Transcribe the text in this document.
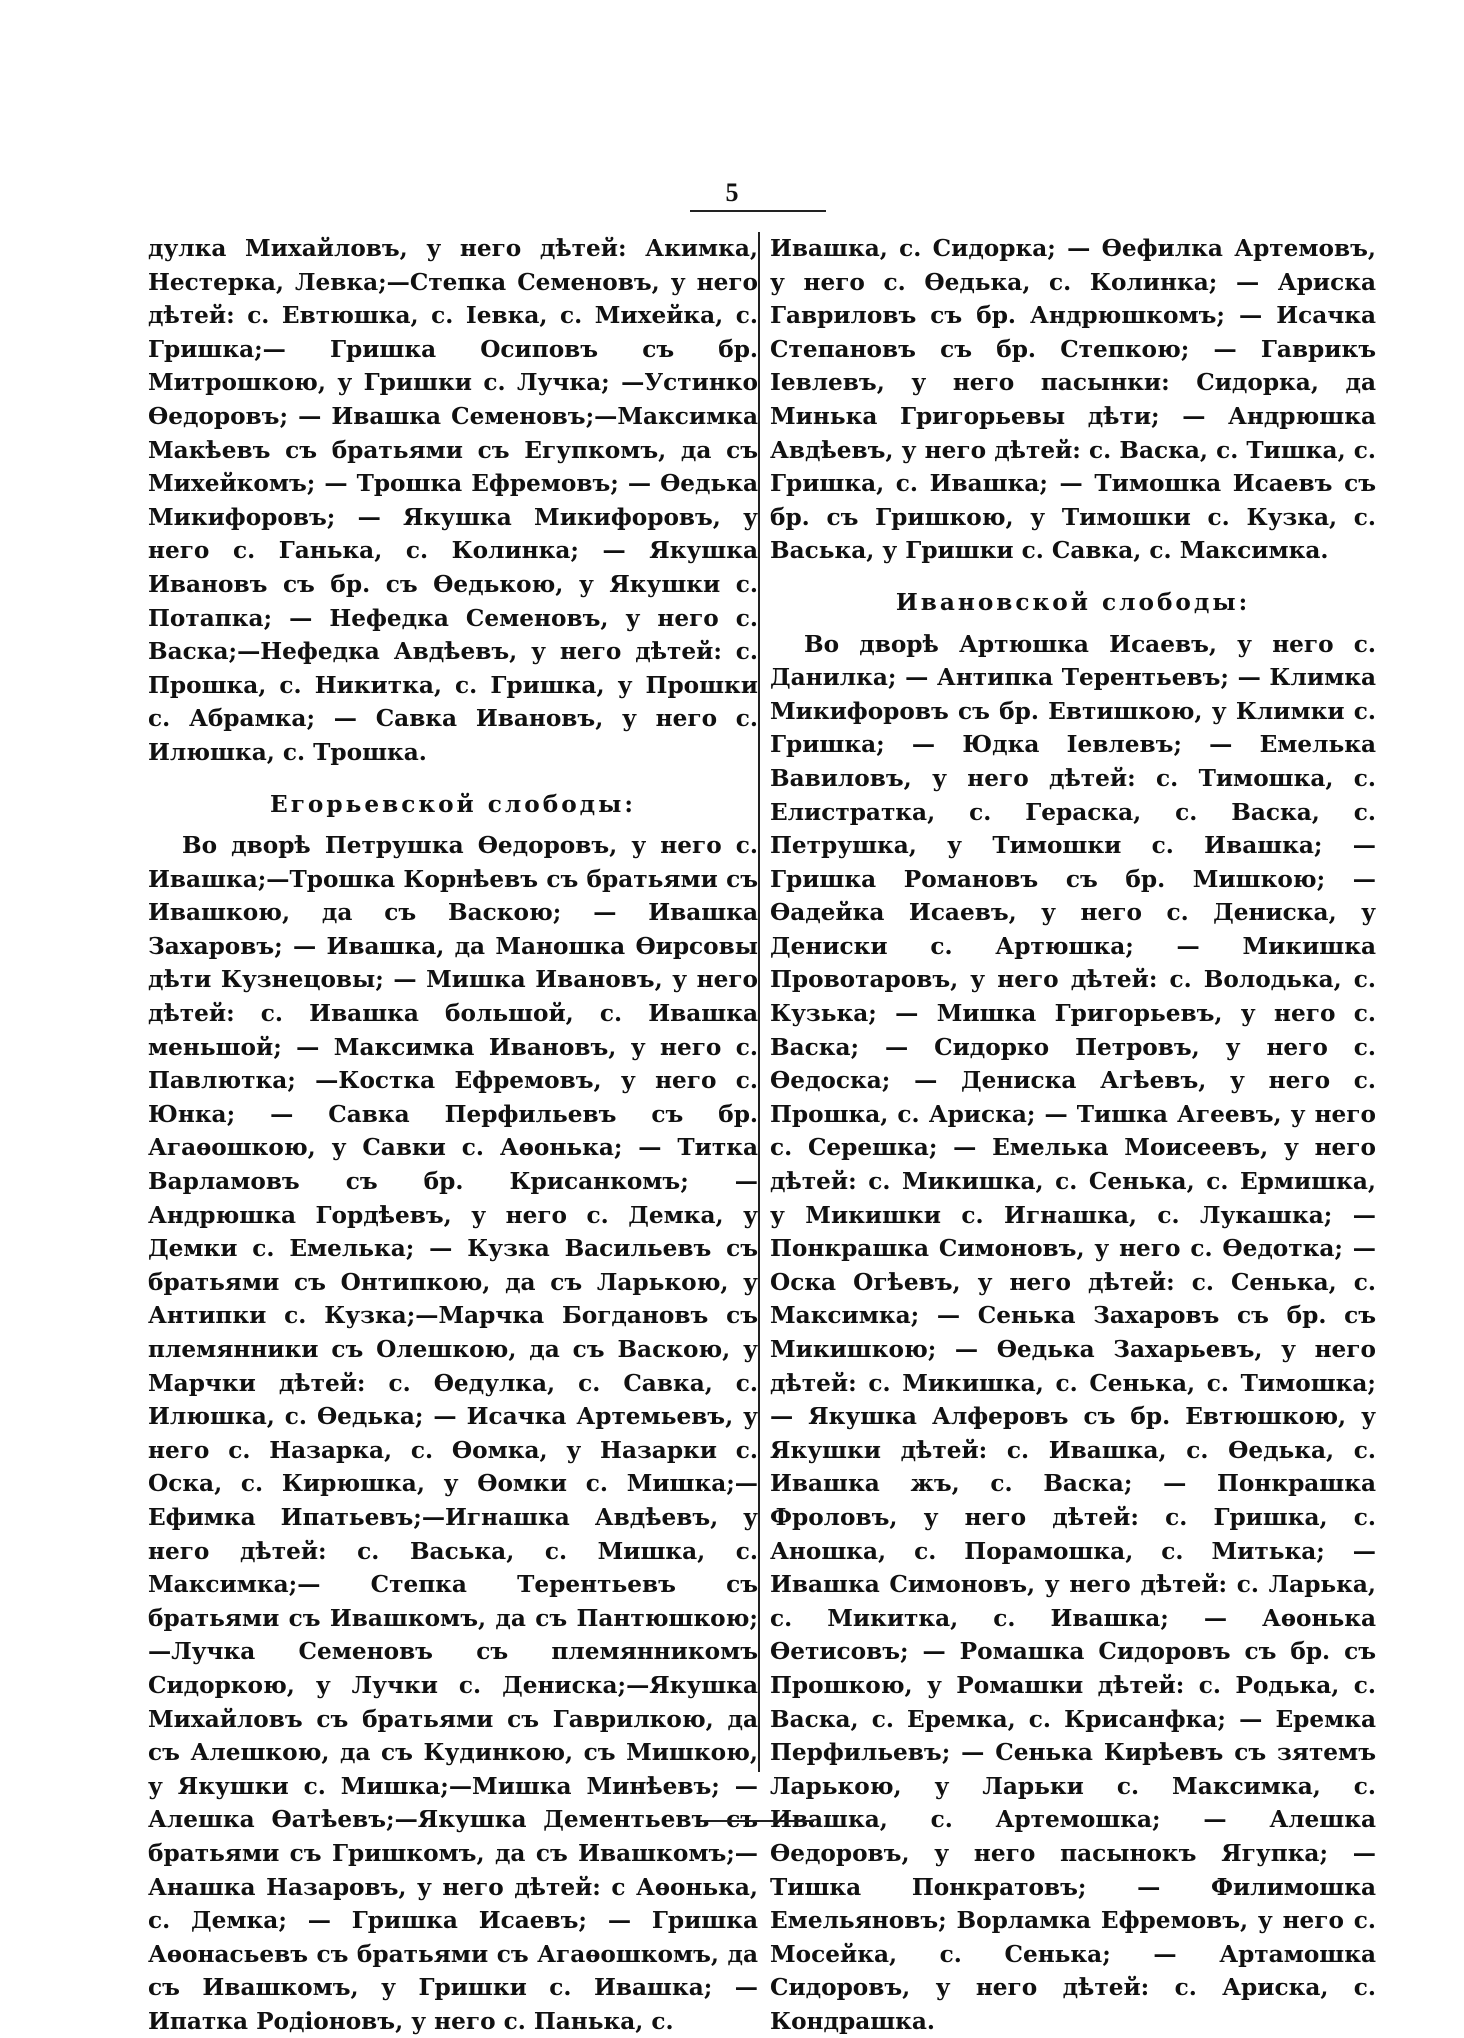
5

дулка Михайловъ, у него дѣтей: Акимка, Нестерка, Левка;—Степка Семеновъ, у него дѣтей: с. Евтюшка, с. Іевка, с. Михейка, с. Гришка;— Гришка Осиповъ съ бр. Митрошкою, у Гришки с. Лучка; —Устинко Ѳедоровъ; — Ивашка Семеновъ;—Максимка Макѣевъ съ братьями съ Егупкомъ, да съ Михейкомъ; — Трошка Ефремовъ; — Ѳедька Микифоровъ; — Якушка Микифоровъ, у него с. Ганька, с. Колинка; — Якушка Ивановъ съ бр. съ Ѳедькою, у Якушки с. Потапка; — Нефедка Семеновъ, у него с. Васка;—Нефедка Авдѣевъ, у него дѣтей: с. Прошка, с. Никитка, с. Гришка, у Прошки с. Абрамка; — Савка Ивановъ, у него с. Илюшка, с. Трошка.

Егорьевской слободы:

Во дворѣ Петрушка Ѳедоровъ, у него с. Ивашка;—Трошка Корнѣевъ съ братьями съ Ивашкою, да съ Васкою; — Ивашка Захаровъ; — Ивашка, да Маношка Ѳирсовы дѣти Кузнецовы; — Мишка Ивановъ, у него дѣтей: с. Ивашка большой, с. Ивашка меньшой; — Максимка Ивановъ, у него с. Павлютка; —Костка Ефремовъ, у него с. Юнка; — Савка Перфильевъ съ бр. Агаѳошкою, у Савки с. Аѳонька; — Титка Варламовъ съ бр. Крисанкомъ; — Андрюшка Гордѣевъ, у него с. Демка, у Демки с. Емелька; — Кузка Васильевъ съ братьями съ Онтипкою, да съ Ларькою, у Антипки с. Кузка;—Марчка Богдановъ съ племянники съ Олешкою, да съ Васкою, у Марчки дѣтей: с. Ѳедулка, с. Савка, с. Илюшка, с. Ѳедька; — Исачка Артемьевъ, у него с. Назарка, с. Ѳомка, у Назарки с. Оска, с. Кирюшка, у Ѳомки с. Мишка;—Ефимка Ипатьевъ;—Игнашка Авдѣевъ, у него дѣтей: с. Васька, с. Мишка, с. Максимка;— Степка Терентьевъ съ братьями съ Ивашкомъ, да съ Пантюшкою;—Лучка Семеновъ съ племянникомъ Сидоркою, у Лучки с. Дениска;—Якушка Михайловъ съ братьями съ Гаврилкою, да съ Алешкою, да съ Кудинкою, съ Мишкою, у Якушки с. Мишка;—Мишка Минѣевъ; — Алешка Ѳатѣевъ;—Якушка Дементьевъ съ братьями съ Гришкомъ, да съ Ивашкомъ;—Анашка Назаровъ, у него дѣтей: с Аѳонька, с. Демка; — Гришка Исаевъ; — Гришка Аѳонасьевъ съ братьями съ Агаѳошкомъ, да съ Ивашкомъ, у Гришки с. Ивашка; — Ипатка Родіоновъ, у него с. Панька, с.

Ивашка, с. Сидорка; — Ѳефилка Артемовъ, у него с. Ѳедька, с. Колинка; — Ариска Гавриловъ съ бр. Андрюшкомъ; — Исачка Степановъ съ бр. Степкою; — Гаврикъ Іевлевъ, у него пасынки: Сидорка, да Минька Григорьевы дѣти; — Андрюшка Авдѣевъ, у него дѣтей: с. Васка, с. Тишка, с. Гришка, с. Ивашка; — Тимошка Исаевъ съ бр. съ Гришкою, у Тимошки с. Кузка, с. Васька, у Гришки с. Савка, с. Максимка.

Ивановской слободы:

Во дворѣ Артюшка Исаевъ, у него с. Данилка; — Антипка Терентьевъ; — Климка Микифоровъ съ бр. Евтишкою, у Климки с. Гришка; — Юдка Іевлевъ; — Емелька Вавиловъ, у него дѣтей: с. Тимошка, с. Елистратка, с. Гераска, с. Васка, с. Петрушка, у Тимошки с. Ивашка; — Гришка Романовъ съ бр. Мишкою; — Ѳадейка Исаевъ, у него с. Дениска, у Дениски с. Артюшка; — Микишка Провотаровъ, у него дѣтей: с. Володька, с. Кузька; — Мишка Григорьевъ, у него с. Васка; — Сидорко Петровъ, у него с. Ѳедоска; — Дениска Агѣевъ, у него с. Прошка, с. Ариска; — Тишка Агеевъ, у него с. Серешка; — Емелька Моисеевъ, у него дѣтей: с. Микишка, с. Сенька, с. Ермишка, у Микишки с. Игнашка, с. Лукашка; — Понкрашка Симоновъ, у него с. Ѳедотка; — Оска Огѣевъ, у него дѣтей: с. Сенька, с. Максимка; — Сенька Захаровъ съ бр. съ Микишкою; — Ѳедька Захарьевъ, у него дѣтей: с. Микишка, с. Сенька, с. Тимошка; — Якушка Алферовъ съ бр. Евтюшкою, у Якушки дѣтей: с. Ивашка, с. Ѳедька, с. Ивашка жъ, с. Васка; — Понкрашка Фроловъ, у него дѣтей: с. Гришка, с. Аношка, с. Порамошка, с. Митька; — Ивашка Симоновъ, у него дѣтей: с. Ларька, с. Микитка, с. Ивашка; — Аѳонька Ѳетисовъ; — Ромашка Сидоровъ съ бр. съ Прошкою, у Ромашки дѣтей: с. Родька, с. Васка, с. Еремка, с. Крисанфка; — Еремка Перфильевъ; — Сенька Кирѣевъ съ зятемъ Ларькою, у Ларьки с. Максимка, с. Ивашка, с. Артемошка; — Алешка Ѳедоровъ, у него пасынокъ Ягупка; — Тишка Понкратовъ; — Филимошка Емельяновъ; Ворламка Ефремовъ, у него с. Мосейка, с. Сенька; — Артамошка Сидоровъ, у него дѣтей: с. Ариска, с. Кондрашка.
